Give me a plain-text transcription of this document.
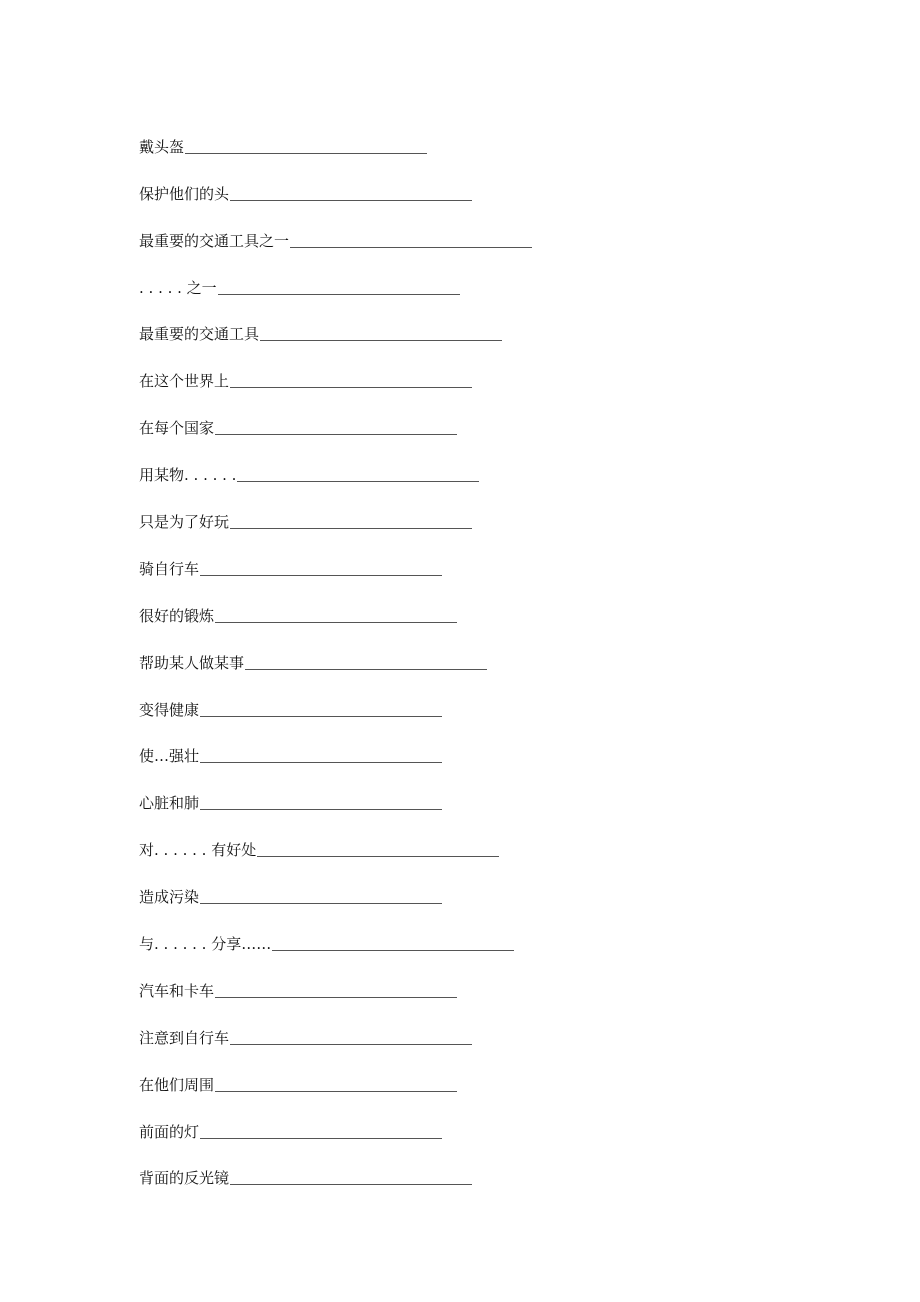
戴头盔
保护他们的头
最重要的交通工具之一
. . . . . 之一
最重要的交通工具
在这个世界上
在每个国家
用某物. . . . . .
只是为了好玩
骑自行车
很好的锻炼
帮助某人做某事
变得健康
使…强壮
心脏和肺
对. . . . . . 有好处
造成污染
与. . . . . . 分享……
汽车和卡车
注意到自行车
在他们周围
前面的灯
背面的反光镜
